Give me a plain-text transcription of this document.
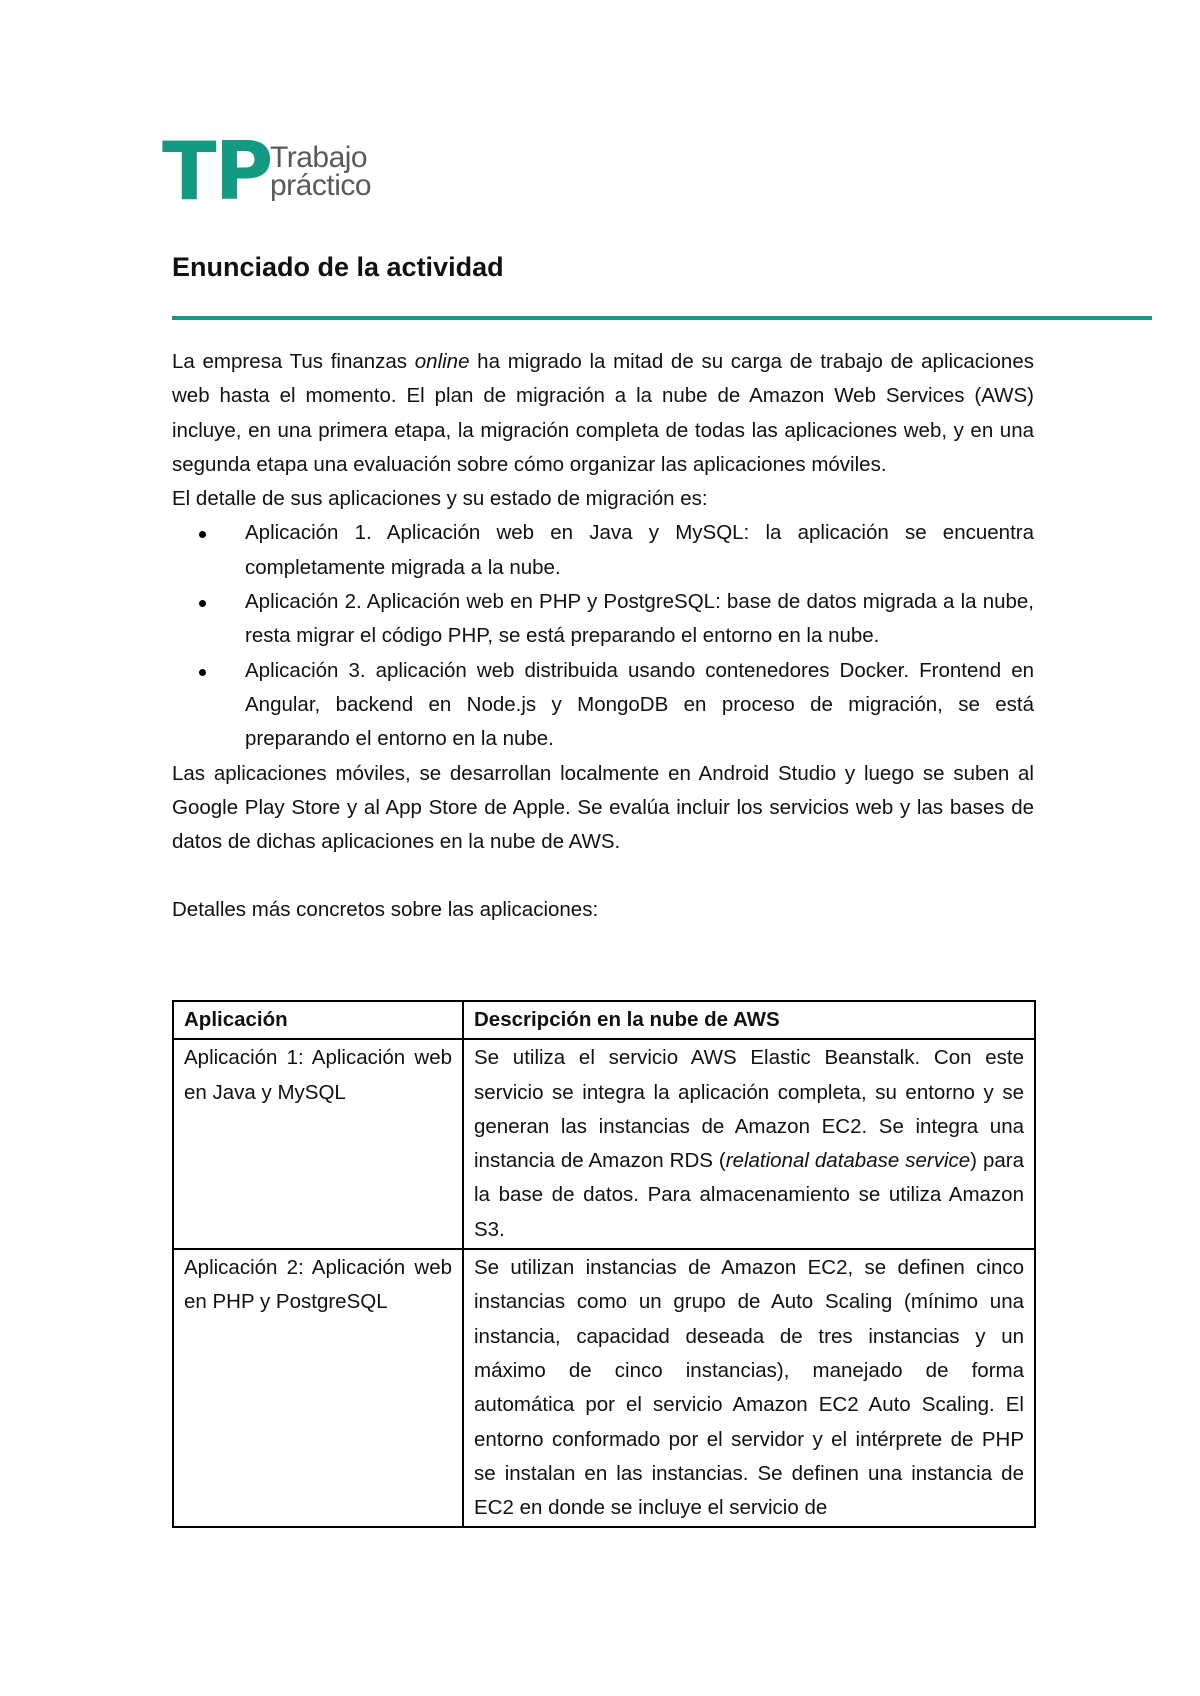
TP
Trabajo
práctico
Enunciado de la actividad

La empresa Tus finanzas online ha migrado la mitad de su carga de trabajo de aplicaciones web hasta el momento. El plan de migración a la nube de Amazon Web Services (AWS) incluye, en una primera etapa, la migración completa de todas las aplicaciones web, y en una segunda etapa una evaluación sobre cómo organizar las aplicaciones móviles.

El detalle de sus aplicaciones y su estado de migración es:

Aplicación 1. Aplicación web en Java y MySQL: la aplicación se encuentra completamente migrada a la nube.
Aplicación 2. Aplicación web en PHP y PostgreSQL: base de datos migrada a la nube, resta migrar el código PHP, se está preparando el entorno en la nube.
Aplicación 3. aplicación web distribuida usando contenedores Docker. Frontend en Angular, backend en Node.js y MongoDB en proceso de migración, se está preparando el entorno en la nube.

Las aplicaciones móviles, se desarrollan localmente en Android Studio y luego se suben al Google Play Store y al App Store de Apple. Se evalúa incluir los servicios web y las bases de datos de dichas aplicaciones en la nube de AWS.

Detalles más concretos sobre las aplicaciones:

Aplicación	Descripción en la nube de AWS
Aplicación 1: Aplicación web en Java y MySQL	Se utiliza el servicio AWS Elastic Beanstalk. Con este servicio se integra la aplicación completa, su entorno y se generan las instancias de Amazon EC2. Se integra una instancia de Amazon RDS (relational database service) para la base de datos. Para almacenamiento se utiliza Amazon S3.
Aplicación 2: Aplicación web en PHP y PostgreSQL	Se utilizan instancias de Amazon EC2, se definen cinco instancias como un grupo de Auto Scaling (mínimo una instancia, capacidad deseada de tres instancias y un máximo de cinco instancias), manejado de forma automática por el servicio Amazon EC2 Auto Scaling. El entorno conformado por el servidor y el intérprete de PHP se instalan en las instancias. Se definen una instancia de EC2 en donde se incluye el servicio de
